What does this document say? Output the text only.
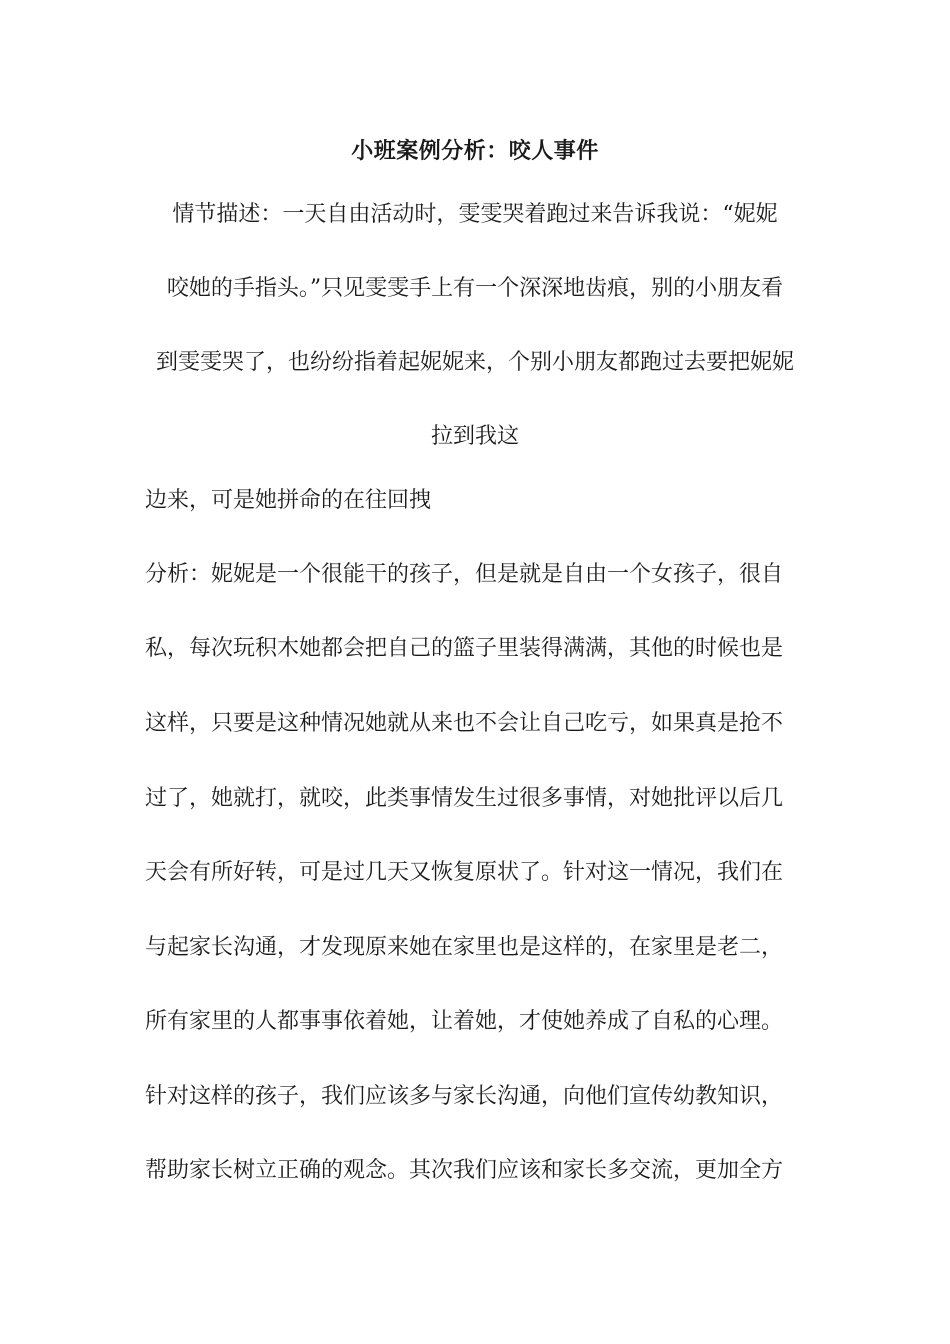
小班案例分析：咬人事件
情节描述：一天自由活动时，雯雯哭着跑过来告诉我说：“妮妮
咬她的手指头。”只见雯雯手上有一个深深地齿痕，别的小朋友看
到雯雯哭了，也纷纷指着起妮妮来，个别小朋友都跑过去要把妮妮
拉到我这
边来，可是她拼命的在往回拽
分析：妮妮是一个很能干的孩子，但是就是自由一个女孩子，很自
私，每次玩积木她都会把自己的篮子里装得满满，其他的时候也是
这样，只要是这种情况她就从来也不会让自己吃亏，如果真是抢不
过了，她就打，就咬，此类事情发生过很多事情，对她批评以后几
天会有所好转，可是过几天又恢复原状了。针对这一情况，我们在
与起家长沟通，才发现原来她在家里也是这样的，在家里是老二，
所有家里的人都事事依着她，让着她，才使她养成了自私的心理。
针对这样的孩子，我们应该多与家长沟通，向他们宣传幼教知识，
帮助家长树立正确的观念。其次我们应该和家长多交流，更加全方
